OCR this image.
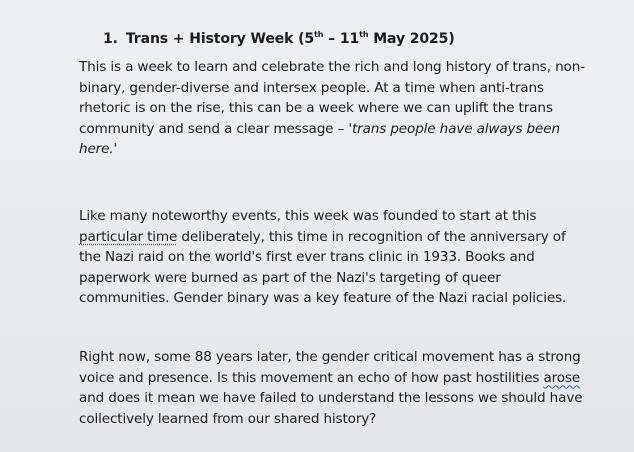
1. Trans + History Week (5th – 11th May 2025)
This is a week to learn and celebrate the rich and long history of trans, non-
binary, gender-diverse and intersex people. At a time when anti-trans
rhetoric is on the rise, this can be a week where we can uplift the trans
community and send a clear message – 'trans people have always been
here.'
Like many noteworthy events, this week was founded to start at this
particular time deliberately, this time in recognition of the anniversary of
the Nazi raid on the world's first ever trans clinic in 1933. Books and
paperwork were burned as part of the Nazi's targeting of queer
communities. Gender binary was a key feature of the Nazi racial policies.
Right now, some 88 years later, the gender critical movement has a strong
voice and presence. Is this movement an echo of how past hostilities arose
and does it mean we have failed to understand the lessons we should have
collectively learned from our shared history?
